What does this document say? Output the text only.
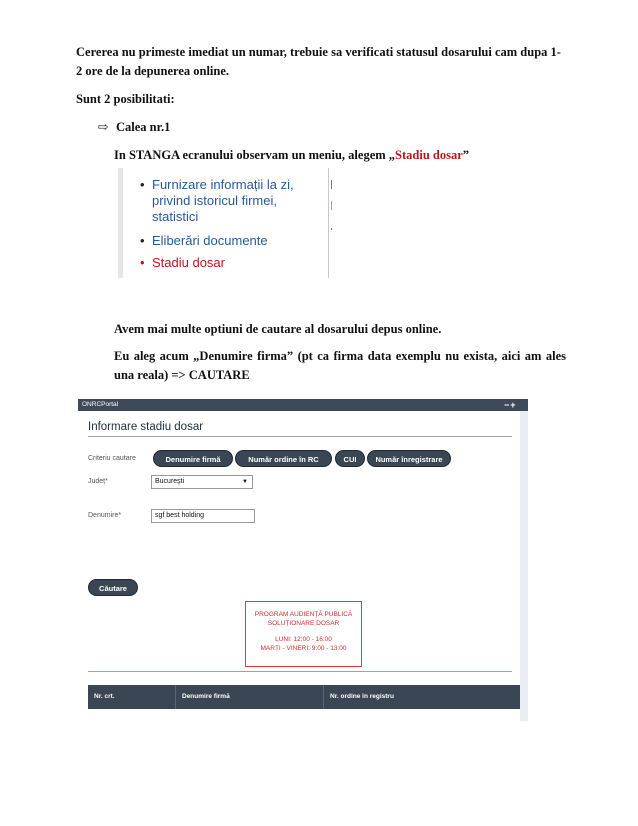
Cererea nu primeste imediat un numar, trebuie sa verificati statusul dosarului cam dupa 1-2 ore de la depunerea online.
Sunt 2 posibilitati:
⇨ Calea nr.1
In STANGA ecranului observam un meniu, alegem „Stadiu dosar”
• Furnizare informații la zi,
privind istoricul firmei,
statistici
• Eliberări documente
• Stadiu dosar
Avem mai multe optiuni de cautare al dosarului depus online.
Eu aleg acum „Denumire firma” (pt ca firma data exemplu nu exista, aici am ales una reala) => CAUTARE
ONRCPortal	−+
Informare stadiu dosar
Criteriu cautare	Denumire firmă	Număr ordine în RC	CUI	Număr înregistrare
Județ*	Bucureşti	▼
Denumire*	sgf best holding
Căutare
PROGRAM AUDIENȚĂ PUBLICĂ
SOLUȚIONARE DOSAR
LUNI: 12:00 - 16:00
MARȚI - VINERI: 9:00 - 13:00
Nr. crt.	Denumire firmă	Nr. ordine în registru
